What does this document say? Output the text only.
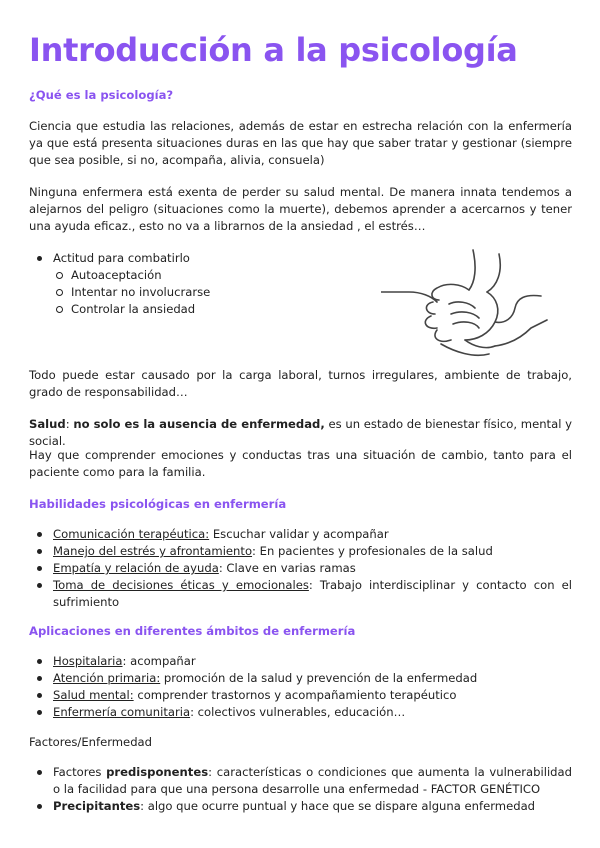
Introducción a la psicología
¿Qué es la psicología?

Ciencia que estudia las relaciones, además de estar en estrecha relación con la enfermería ya que está presenta situaciones duras en las que hay que saber tratar y gestionar (siempre que sea posible, si no, acompaña, alivia, consuela)

Ninguna enfermera está exenta de perder su salud mental. De manera innata tendemos a alejarnos del peligro (situaciones como la muerte), debemos aprender a acercarnos y tener una ayuda eficaz., esto no va a librarnos de la ansiedad , el estrés…

Actitud para combatirlo
Autoaceptación
Intentar no involucrarse
Controlar la ansiedad

Todo puede estar causado por la carga laboral, turnos irregulares, ambiente de trabajo, grado de responsabilidad…

Salud: no solo es la ausencia de enfermedad, es un estado de bienestar físico, mental y social.

Hay que comprender emociones y conductas tras una situación de cambio, tanto para el paciente como para la familia.

Habilidades psicológicas en enfermería
Comunicación terapéutica: Escuchar validar y acompañar
Manejo del estrés y afrontamiento: En pacientes y profesionales de la salud
Empatía y relación de ayuda: Clave en varias ramas
Toma de decisiones éticas y emocionales: Trabajo interdisciplinar y contacto con el sufrimiento
Aplicaciones en diferentes ámbitos de enfermería
Hospitalaria: acompañar
Atención primaria: promoción de la salud y prevención de la enfermedad
Salud mental: comprender trastornos y acompañamiento terapéutico
Enfermería comunitaria: colectivos vulnerables, educación…

Factores/Enfermedad

Factores predisponentes: características o condiciones que aumenta la vulnerabilidad o la facilidad para que una persona desarrolle una enfermedad - FACTOR GENÉTICO
Precipitantes: algo que ocurre puntual y hace que se dispare alguna enfermedad
